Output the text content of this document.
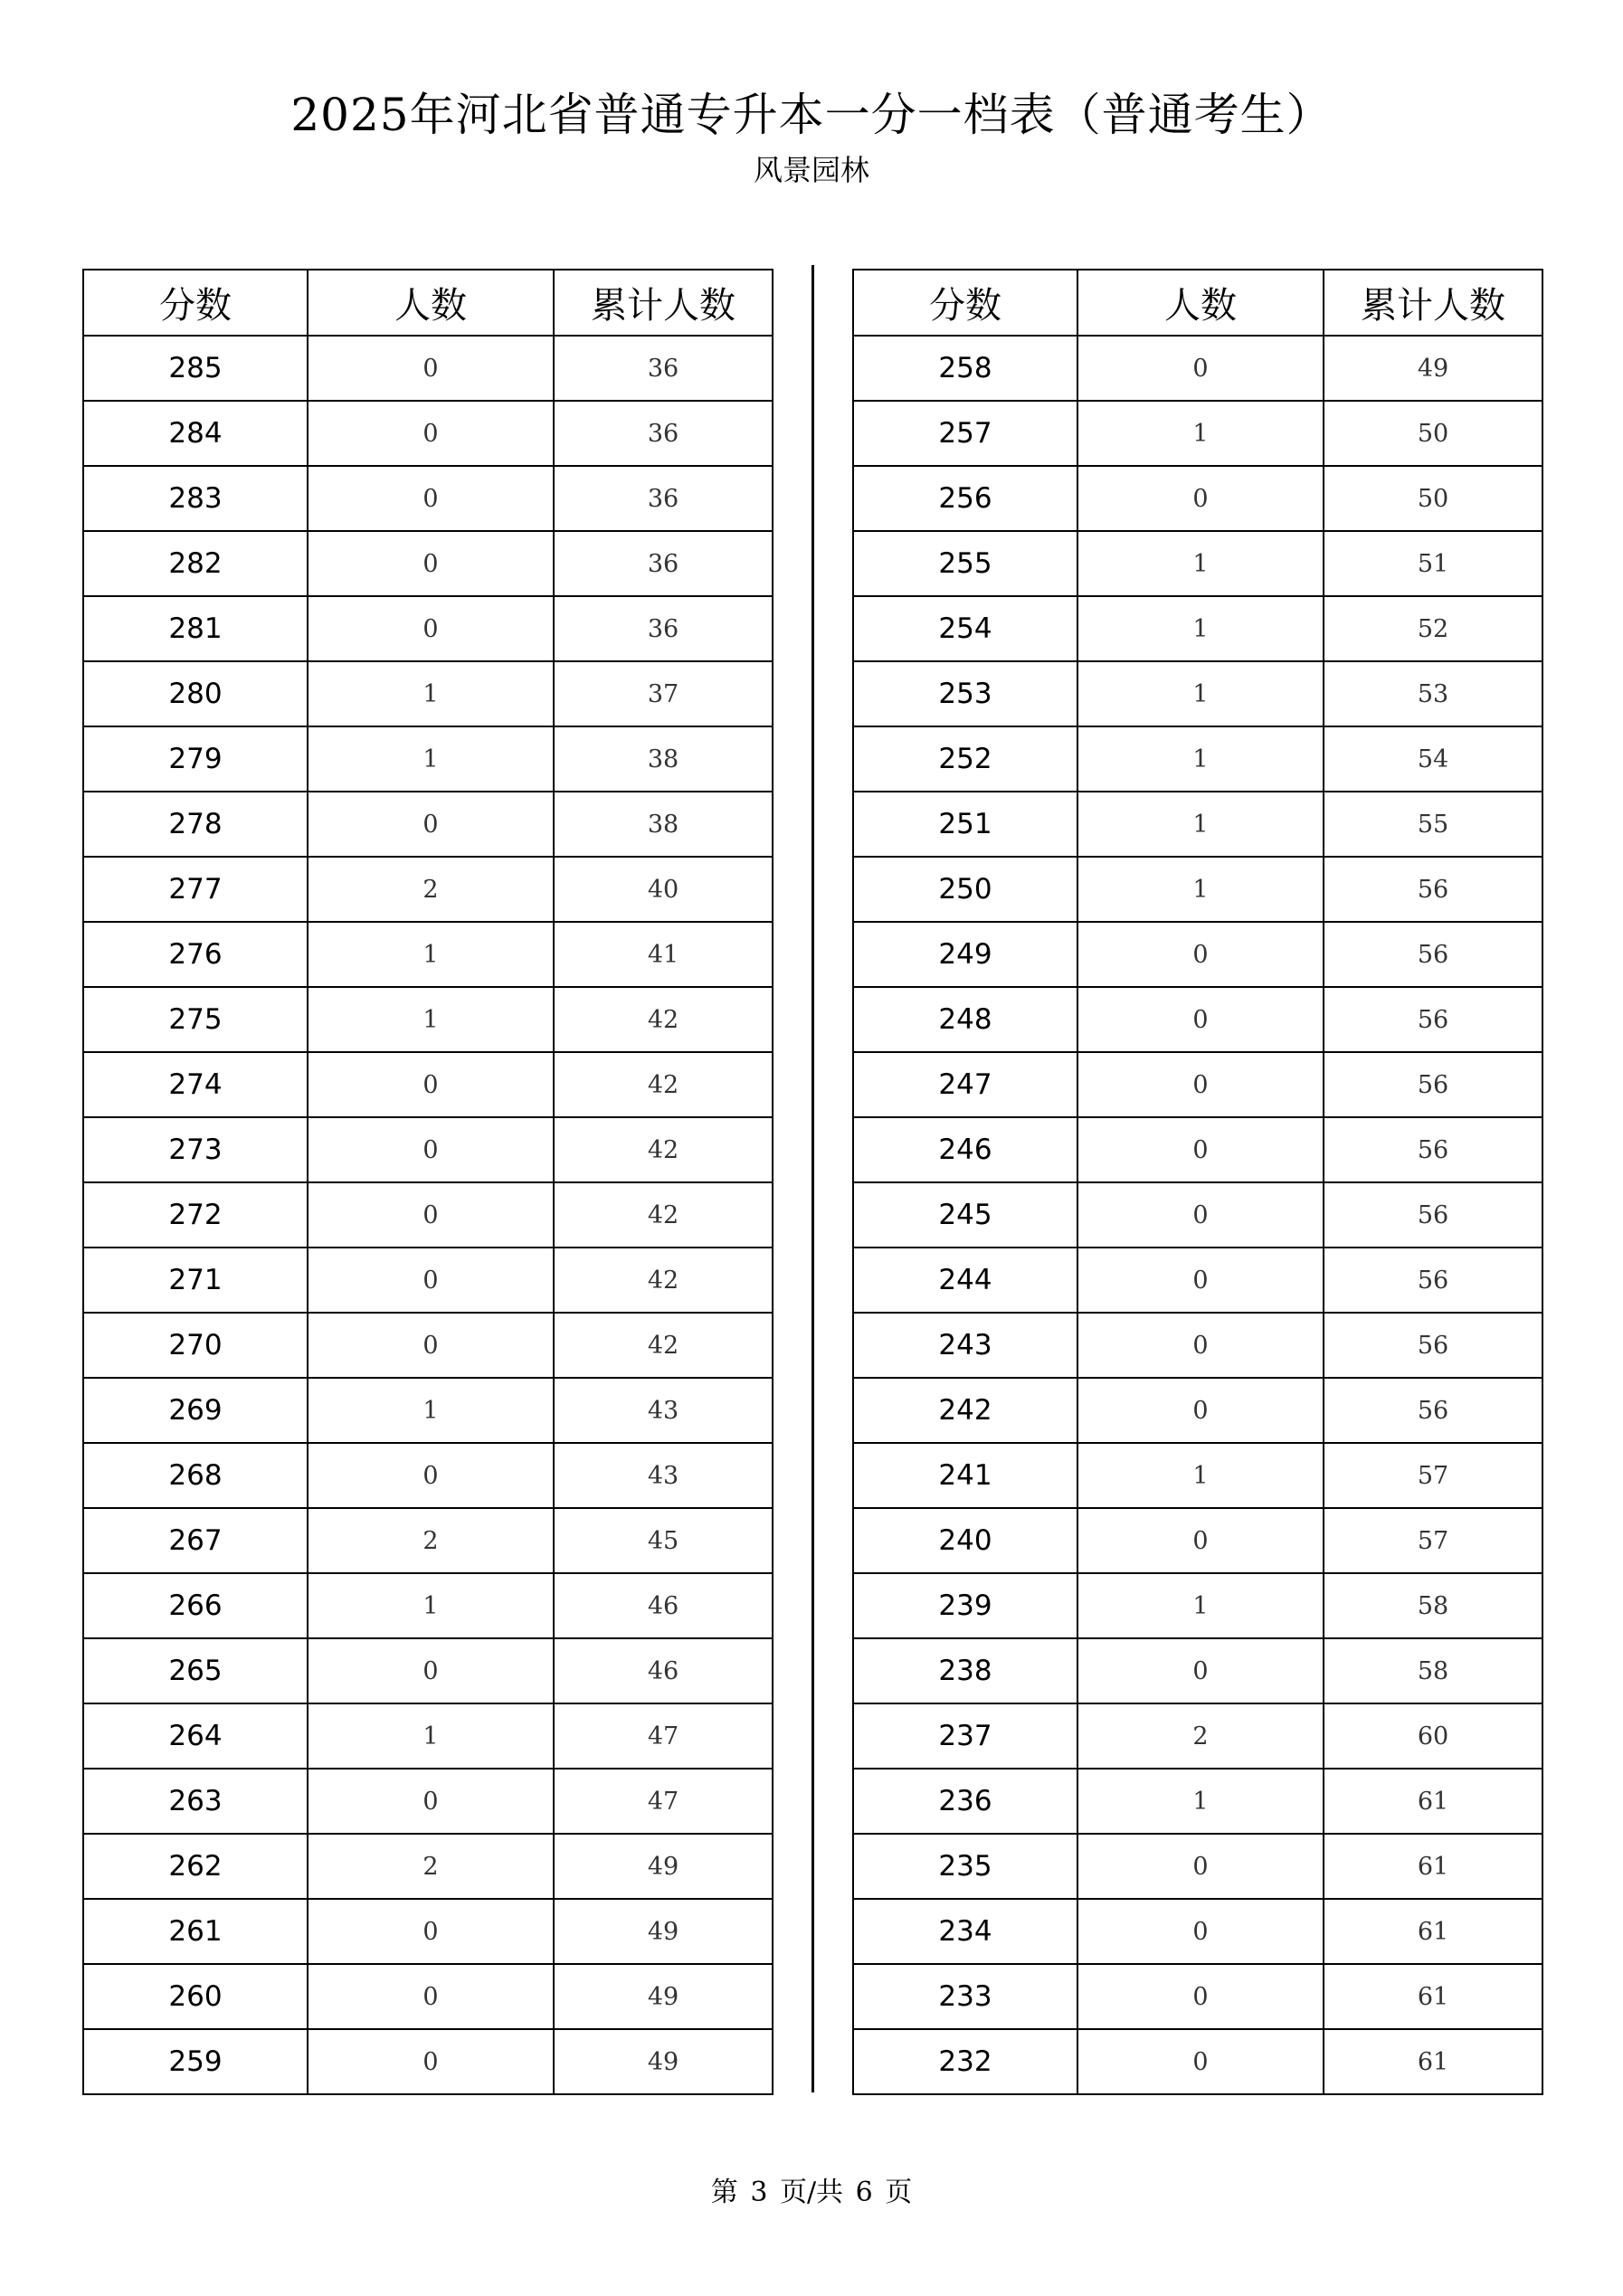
2025年河北省普通专升本一分一档表（普通考生）
风景园林
分数	人数	累计人数
285	0	36
284	0	36
283	0	36
282	0	36
281	0	36
280	1	37
279	1	38
278	0	38
277	2	40
276	1	41
275	1	42
274	0	42
273	0	42
272	0	42
271	0	42
270	0	42
269	1	43
268	0	43
267	2	45
266	1	46
265	0	46
264	1	47
263	0	47
262	2	49
261	0	49
260	0	49
259	0	49
分数	人数	累计人数
258	0	49
257	1	50
256	0	50
255	1	51
254	1	52
253	1	53
252	1	54
251	1	55
250	1	56
249	0	56
248	0	56
247	0	56
246	0	56
245	0	56
244	0	56
243	0	56
242	0	56
241	1	57
240	0	57
239	1	58
238	0	58
237	2	60
236	1	61
235	0	61
234	0	61
233	0	61
232	0	61
第 3 页/共 6 页
